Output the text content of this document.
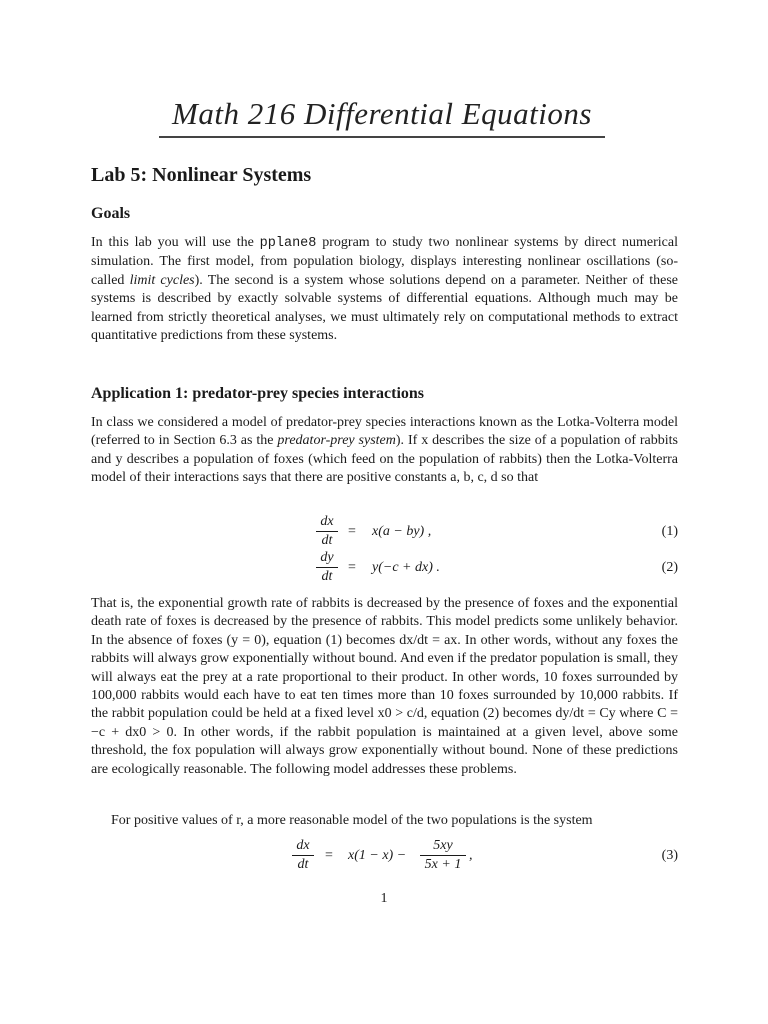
Math 216 Differential Equations
Lab 5: Nonlinear Systems
Goals

In this lab you will use the pplane8 program to study two nonlinear systems by direct numerical simulation. The first model, from population biology, displays interesting nonlinear oscillations (so-called limit cycles). The second is a system whose solutions depend on a parameter. Neither of these systems is described by exactly solvable systems of differential equations. Although much may be learned from strictly theoretical analyses, we must ultimately rely on computational methods to extract quantitative predictions from these systems.

Application 1: predator-prey species interactions

In class we considered a model of predator-prey species interactions known as the Lotka-Volterra model (referred to in Section 6.3 as the predator-prey system). If x describes the size of a population of rabbits and y describes a population of foxes (which feed on the population of rabbits) then the Lotka-Volterra model of their interactions says that there are positive constants a, b, c, d so that

dx
dt
= x(a − by) ,	(1)
dy
dt
= y(−c + dx) .	(2)

That is, the exponential growth rate of rabbits is decreased by the presence of foxes and the exponential death rate of foxes is decreased by the presence of rabbits. This model predicts some unlikely behavior. In the absence of foxes (y = 0), equation (1) becomes dx/dt = ax. In other words, without any foxes the rabbits will always grow exponentially without bound. And even if the predator population is small, they will always eat the prey at a rate proportional to their product. In other words, 10 foxes surrounded by 100,000 rabbits would each have to eat ten times more than 10 foxes surrounded by 10,000 rabbits. If the rabbit population could be held at a fixed level x0 > c/d, equation (2) becomes dy/dt = Cy where C = −c + dx0 > 0. In other words, if the rabbit population is maintained at a given level, above some threshold, the fox population will always grow exponentially without bound. None of these predictions are ecologically reasonable. The following model addresses these problems.

For positive values of r, a more reasonable model of the two populations is the system

dx
dt
= x(1 − x) −
5xy
5x + 1
,	(3)
1
